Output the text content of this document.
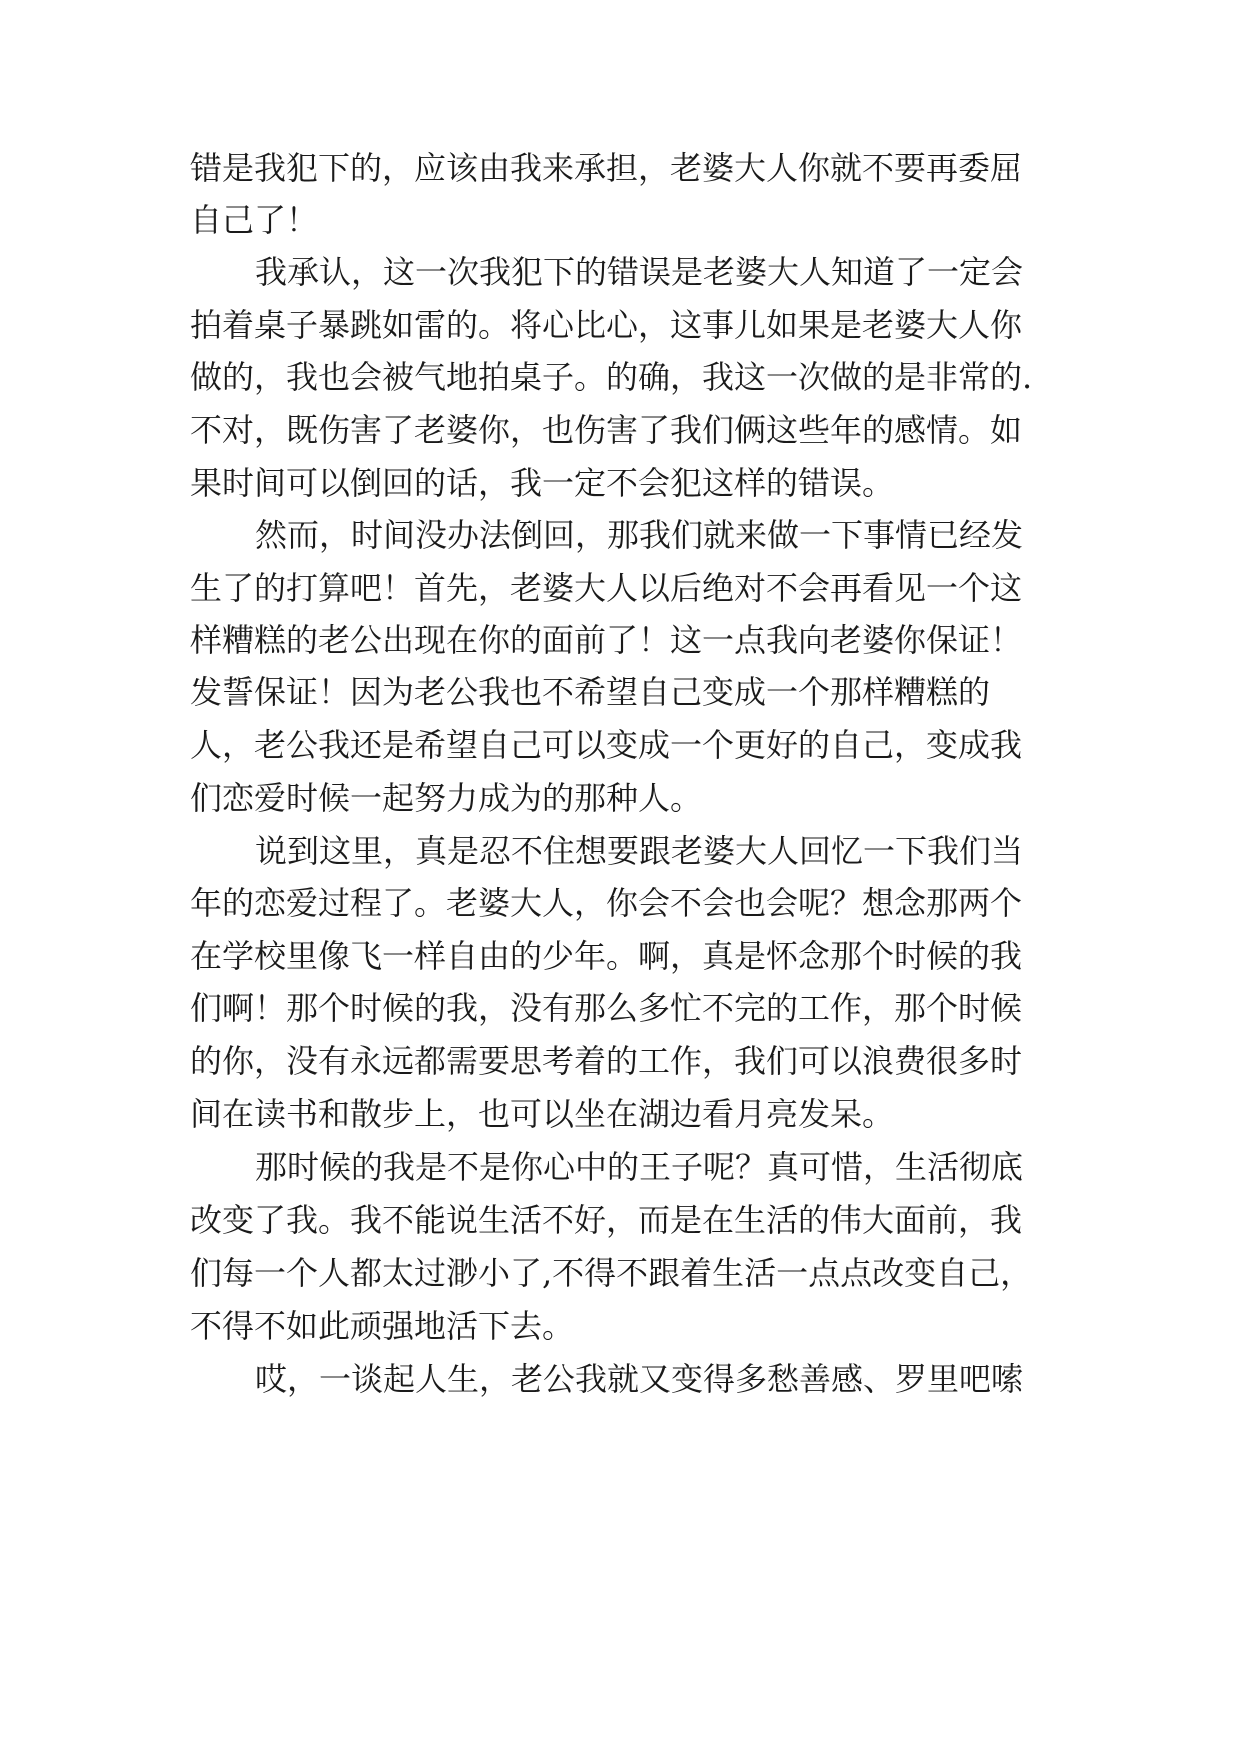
错是我犯下的，应该由我来承担，老婆大人你就不要再委屈
自己了！
我承认，这一次我犯下的错误是老婆大人知道了一定会
拍着桌子暴跳如雷的。将心比心，这事儿如果是老婆大人你
做的，我也会被气地拍桌子。的确，我这一次做的是非常的.
不对，既伤害了老婆你，也伤害了我们俩这些年的感情。如
果时间可以倒回的话，我一定不会犯这样的错误。
然而，时间没办法倒回，那我们就来做一下事情已经发
生了的打算吧！首先，老婆大人以后绝对不会再看见一个这
样糟糕的老公出现在你的面前了！这一点我向老婆你保证！
发誓保证！因为老公我也不希望自己变成一个那样糟糕的
人，老公我还是希望自己可以变成一个更好的自己，变成我
们恋爱时候一起努力成为的那种人。
说到这里，真是忍不住想要跟老婆大人回忆一下我们当
年的恋爱过程了。老婆大人，你会不会也会呢？想念那两个
在学校里像飞一样自由的少年。啊，真是怀念那个时候的我
们啊！那个时候的我，没有那么多忙不完的工作，那个时候
的你，没有永远都需要思考着的工作，我们可以浪费很多时
间在读书和散步上，也可以坐在湖边看月亮发呆。
那时候的我是不是你心中的王子呢？真可惜，生活彻底
改变了我。我不能说生活不好，而是在生活的伟大面前，我
们每一个人都太过渺小了,不得不跟着生活一点点改变自己，
不得不如此顽强地活下去。
哎，一谈起人生，老公我就又变得多愁善感、罗里吧嗦
